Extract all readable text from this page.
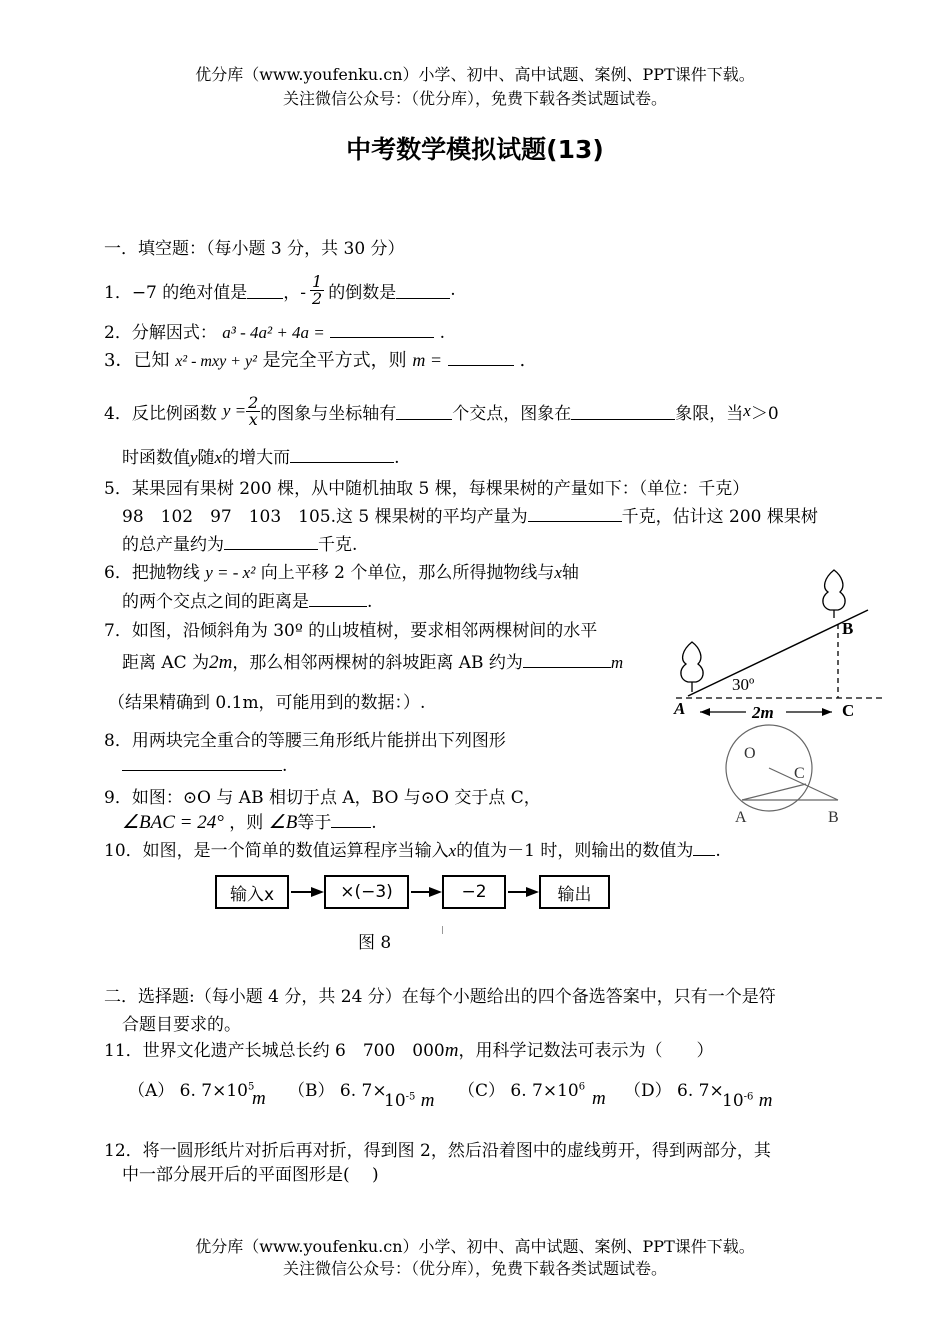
优分库（www.youfenku.cn）小学、初中、高中试题、案例、PPT课件下载。
关注微信公众号：（优分库），免费下载各类试题试卷。
中考数学模拟试题(13)
一．填空题：（每小题 3 分，共 30 分）
1．−7 的绝对值是 ，- $\frac{1}{2}$ 的倒数是	.
2．分解因式： a³ - 4a² + 4a =	.
3．已知 x² - mxy + y² 是完全平方式，则 m =	.
4．反比例函数 $y = \frac{2}{x}$ 的图象与坐标轴有	个交点，图象在	象限，当 x ＞0
时函数值y随x的增大而	.
5．某果园有果树 200 棵，从中随机抽取 5 棵，每棵果树的产量如下：（单位：千克）
98　102　97　103　105.这 5 棵果树的平均产量为	千克，估计这 200 棵果树
的总产量约为	千克.
6．把抛物线 y = - x² 向上平移 2 个单位，那么所得抛物线与x轴
的两个交点之间的距离是	.
7．如图，沿倾斜角为 30º 的山坡植树，要求相邻两棵树间的水平
距离 AC 为2m，那么相邻两棵树的斜坡距离 AB 约为	m
（结果精确到 0.1m，可能用到的数据：）.	2m
30º
A
B
C
8．用两块完全重合的等腰三角形纸片能拼出下列图形
.
O
C
A	B
9．如图：⊙O 与 AB 相切于点 A，BO 与⊙O 交于点 C，
∠BAC = 24° ，则 ∠B等于 .
10．如图，是一个简单的数值运算程序当输入x的值为－1 时，则输出的数值为 .
输入x	×(−3)	−2	输出
图 8
二．选择题:（每小题 4 分，共 24 分）在每个小题给出的四个备选答案中，只有一个是符
合题目要求的。
11．世界文化遗产长城总长约 6　700　000m，用科学记数法可表示为（　　）
（A） 6. $7\times 10^5$
m （B） 6. 7×
$10^{-5}$ m （C） 6. $7\times 10^6$
m （D） 6. 7×
$10^{-6}$ m
12．将一圆形纸片对折后再对折，得到图 2，然后沿着图中的虚线剪开，得到两部分，其
中一部分展开后的平面图形是(　 )
优分库（www.youfenku.cn）小学、初中、高中试题、案例、PPT课件下载。
关注微信公众号：（优分库），免费下载各类试题试卷。
